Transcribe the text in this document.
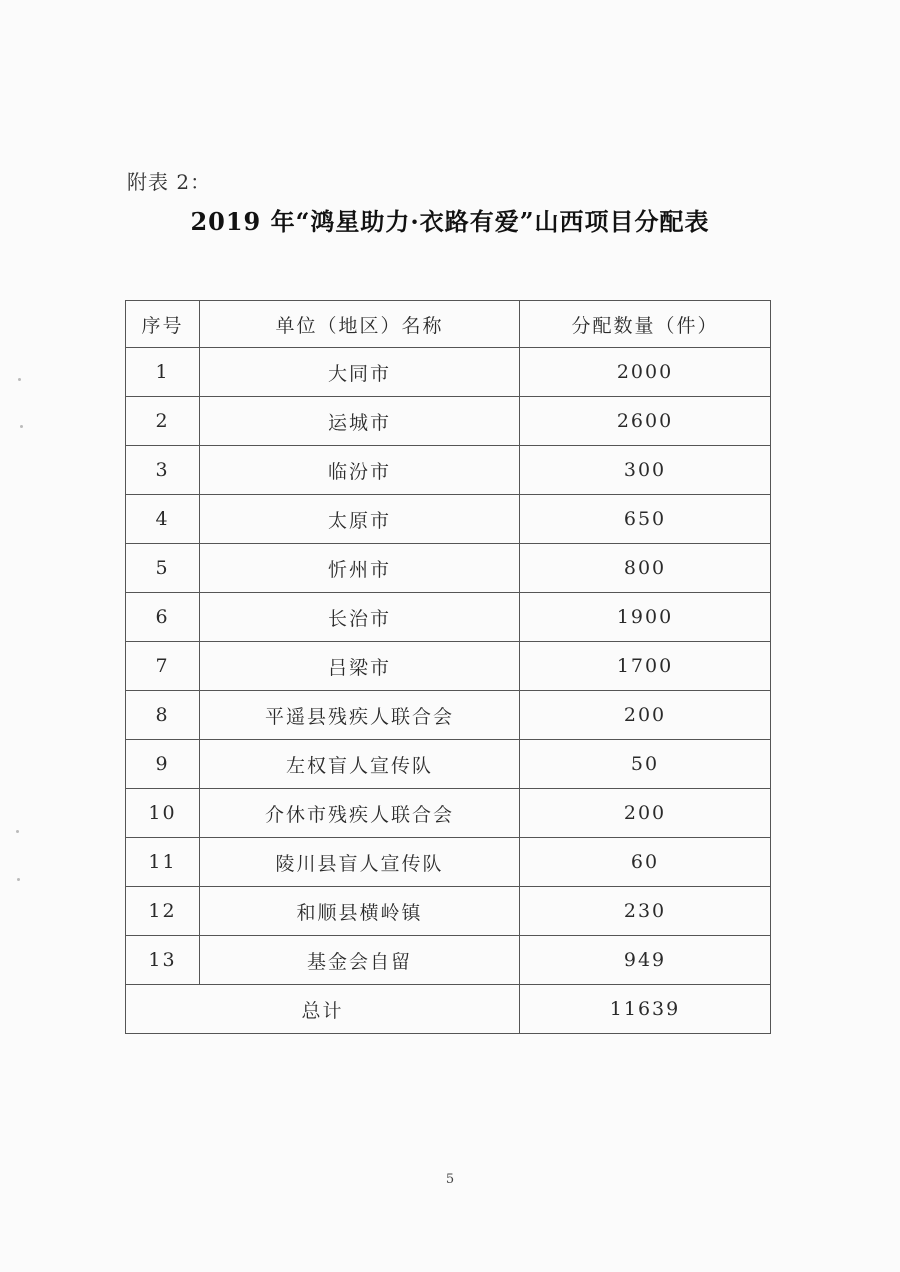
附表 2：
2019 年“鸿星助力·衣路有爱”山西项目分配表
序号	单位（地区）名称	分配数量（件）
1	大同市	2000
2	运城市	2600
3	临汾市	300
4	太原市	650
5	忻州市	800
6	长治市	1900
7	吕梁市	1700
8	平遥县残疾人联合会	200
9	左权盲人宣传队	50
10	介休市残疾人联合会	200
11	陵川县盲人宣传队	60
12	和顺县横岭镇	230
13	基金会自留	949
总计		11639
5
